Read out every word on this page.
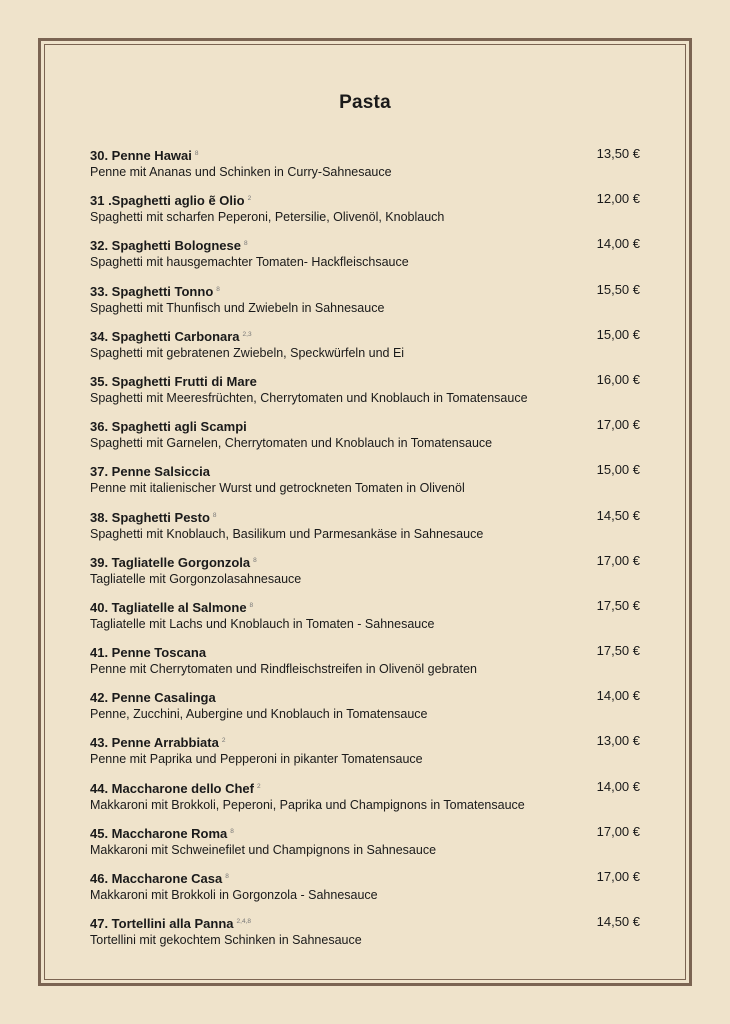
Pasta
30. Penne Hawai $^8$
Penne mit Ananas und Schinken in Curry-Sahnesauce
13,50 €
31 .Spaghetti aglio ẽ Olio $^2$
Spaghetti mit scharfen Peperoni, Petersilie, Olivenöl, Knoblauch
12,00 €
32. Spaghetti Bolognese $^8$
Spaghetti mit hausgemachter Tomaten- Hackfleischsauce
14,00 €
33. Spaghetti Tonno $^8$
Spaghetti mit Thunfisch und Zwiebeln in Sahnesauce
15,50 €
34. Spaghetti Carbonara $^{2,3}$
Spaghetti mit gebratenen Zwiebeln, Speckwürfeln und Ei
15,00 €
35. Spaghetti Frutti di Mare
Spaghetti mit Meeresfrüchten, Cherrytomaten und Knoblauch in Tomatensauce
16,00 €
36. Spaghetti agli Scampi
Spaghetti mit Garnelen, Cherrytomaten und Knoblauch in Tomatensauce
17,00 €
37. Penne Salsiccia
Penne mit italienischer Wurst und getrockneten Tomaten in Olivenöl
15,00 €
38. Spaghetti Pesto $^8$
Spaghetti mit Knoblauch, Basilikum und Parmesankäse in Sahnesauce
14,50 €
39. Tagliatelle Gorgonzola $^8$
Tagliatelle mit Gorgonzolasahnesauce
17,00 €
40. Tagliatelle al Salmone $^8$
Tagliatelle mit Lachs und Knoblauch in Tomaten - Sahnesauce
17,50 €
41. Penne Toscana
Penne mit Cherrytomaten und Rindfleischstreifen in Olivenöl gebraten
17,50 €
42. Penne Casalinga
Penne, Zucchini, Aubergine und Knoblauch in Tomatensauce
14,00 €
43. Penne Arrabbiata $^2$
Penne mit Paprika und Pepperoni in pikanter Tomatensauce
13,00 €
44. Maccharone dello Chef $^2$
Makkaroni mit Brokkoli, Peperoni, Paprika und Champignons in Tomatensauce
14,00 €
45. Maccharone Roma $^8$
Makkaroni mit Schweinefilet und Champignons in Sahnesauce
17,00 €
46. Maccharone Casa $^8$
Makkaroni mit Brokkoli in Gorgonzola - Sahnesauce
17,00 €
47. Tortellini alla Panna $^{2,4,8}$
Tortellini mit gekochtem Schinken in Sahnesauce
14,50 €
